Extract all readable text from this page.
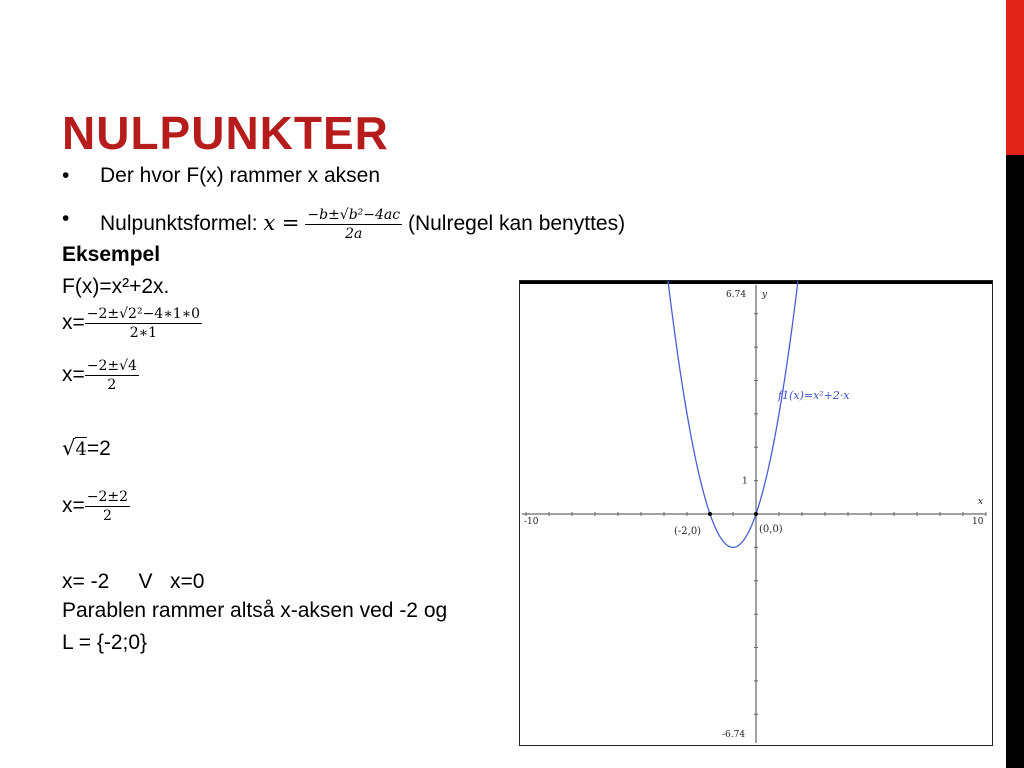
NULPUNKTER
• Der hvor F(x) rammer x aksen
• Nulpunktsformel: $x = \frac{\text{−b±√b²−4ac}}{2a}$ (Nulregel kan benyttes)
Eksempel
F(x)=x²+2x.
$x= \frac{\text{−2±√2²−4∗1∗0}}{2∗1}$
$x= \frac{-2\pm√4}{2}$
√4=2
$x= \frac{-2\pm 2}{2}$
x= -2     V   x=0
Parablen rammer altså x-aksen ved -2 og
L = {-2;0}
6.74
-6.74
y
x
-10	10
1
f1(x)=x²+2·x
(-2,0)	(0,0)
